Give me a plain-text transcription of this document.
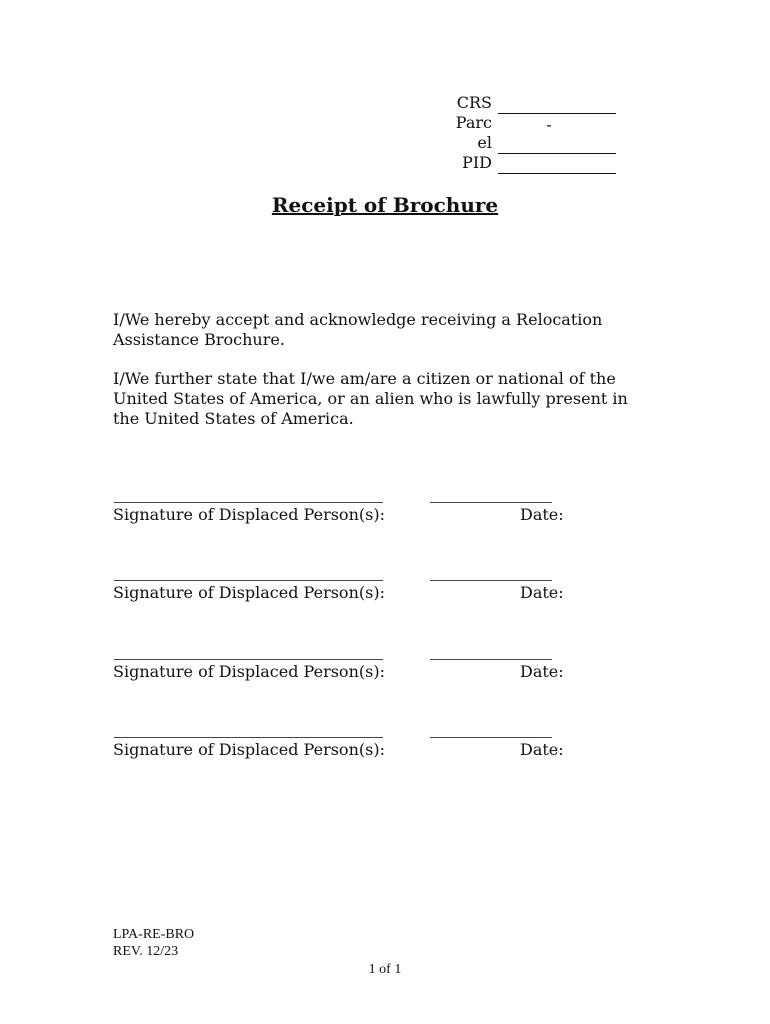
CRS
Parc	-
el
PID
Receipt of Brochure
I/We hereby accept and acknowledge receiving a Relocation Assistance Brochure.
I/We further state that I/we am/are a citizen or national of the United States of America, or an alien who is lawfully present in the United States of America.
Signature of Displaced Person(s):	Date:
Signature of Displaced Person(s):	Date:
Signature of Displaced Person(s):	Date:
Signature of Displaced Person(s):	Date:
LPA-RE-BRO
REV. 12/23
1 of 1
